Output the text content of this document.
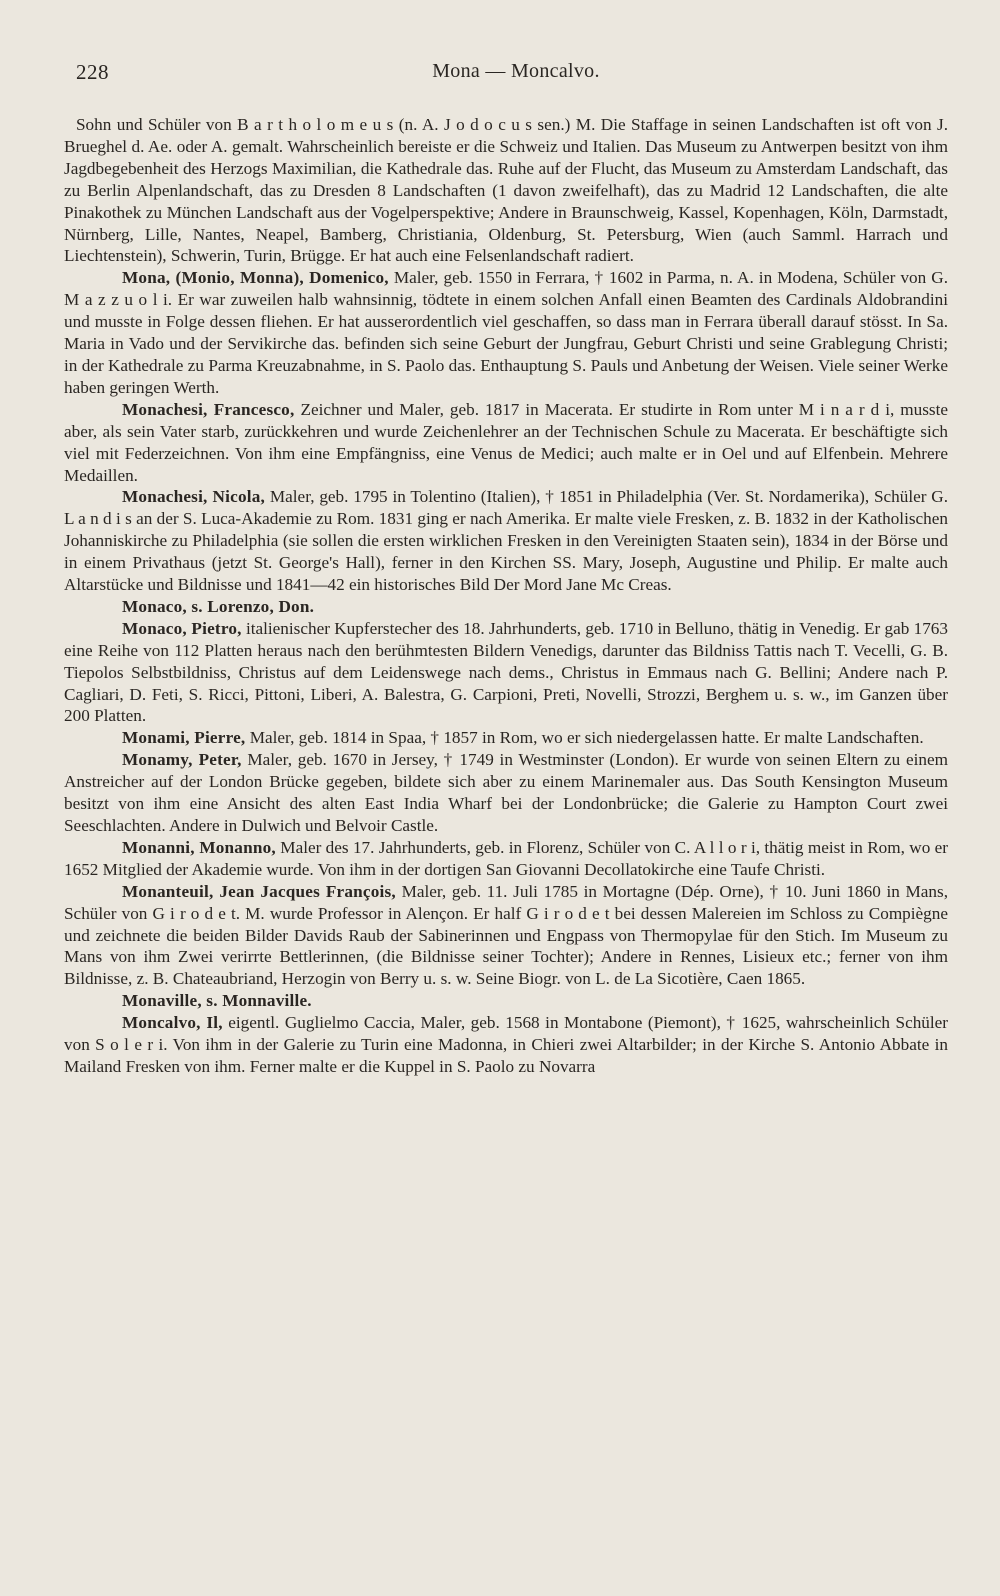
228	Mona — Moncalvo.

Sohn und Schüler von B a r t h o l o m e u s (n. A. J o d o c u s sen.) M. Die Staffage in seinen Landschaften ist oft von J. Brueghel d. Ae. oder A. gemalt. Wahrscheinlich bereiste er die Schweiz und Italien. Das Museum zu Antwerpen besitzt von ihm Jagdbegebenheit des Herzogs Maximilian, die Kathedrale das. Ruhe auf der Flucht, das Museum zu Amsterdam Landschaft, das zu Berlin Alpenlandschaft, das zu Dresden 8 Landschaften (1 davon zweifelhaft), das zu Madrid 12 Landschaften, die alte Pinakothek zu München Landschaft aus der Vogelperspektive; Andere in Braunschweig, Kassel, Kopenhagen, Köln, Darmstadt, Nürnberg, Lille, Nantes, Neapel, Bamberg, Christiania, Oldenburg, St. Petersburg, Wien (auch Samml. Harrach und Liechtenstein), Schwerin, Turin, Brügge. Er hat auch eine Felsenlandschaft radiert.

Mona, (Monio, Monna), Domenico, Maler, geb. 1550 in Ferrara, † 1602 in Parma, n. A. in Modena, Schüler von G. M a z z u o l i. Er war zuweilen halb wahnsinnig, tödtete in einem solchen Anfall einen Beamten des Cardinals Aldobrandini und musste in Folge dessen fliehen. Er hat ausserordentlich viel geschaffen, so dass man in Ferrara überall darauf stösst. In Sa. Maria in Vado und der Servikirche das. befinden sich seine Geburt der Jungfrau, Geburt Christi und seine Grablegung Christi; in der Kathedrale zu Parma Kreuzabnahme, in S. Paolo das. Enthauptung S. Pauls und Anbetung der Weisen. Viele seiner Werke haben geringen Werth.

Monachesi, Francesco, Zeichner und Maler, geb. 1817 in Macerata. Er studirte in Rom unter M i n a r d i, musste aber, als sein Vater starb, zurückkehren und wurde Zeichenlehrer an der Technischen Schule zu Macerata. Er beschäftigte sich viel mit Federzeichnen. Von ihm eine Empfängniss, eine Venus de Medici; auch malte er in Oel und auf Elfenbein. Mehrere Medaillen.

Monachesi, Nicola, Maler, geb. 1795 in Tolentino (Italien), † 1851 in Philadelphia (Ver. St. Nordamerika), Schüler G. L a n d i s an der S. Luca-Akademie zu Rom. 1831 ging er nach Amerika. Er malte viele Fresken, z. B. 1832 in der Katholischen Johanniskirche zu Philadelphia (sie sollen die ersten wirklichen Fresken in den Vereinigten Staaten sein), 1834 in der Börse und in einem Privathaus (jetzt St. George's Hall), ferner in den Kirchen SS. Mary, Joseph, Augustine und Philip. Er malte auch Altarstücke und Bildnisse und 1841—42 ein historisches Bild Der Mord Jane Mc Creas.

Monaco, s. Lorenzo, Don.

Monaco, Pietro, italienischer Kupferstecher des 18. Jahrhunderts, geb. 1710 in Belluno, thätig in Venedig. Er gab 1763 eine Reihe von 112 Platten heraus nach den berühmtesten Bildern Venedigs, darunter das Bildniss Tattis nach T. Vecelli, G. B. Tiepolos Selbstbildniss, Christus auf dem Leidenswege nach dems., Christus in Emmaus nach G. Bellini; Andere nach P. Cagliari, D. Feti, S. Ricci, Pittoni, Liberi, A. Balestra, G. Carpioni, Preti, Novelli, Strozzi, Berghem u. s. w., im Ganzen über 200 Platten.

Monami, Pierre, Maler, geb. 1814 in Spaa, † 1857 in Rom, wo er sich niedergelassen hatte. Er malte Landschaften.

Monamy, Peter, Maler, geb. 1670 in Jersey, † 1749 in Westminster (London). Er wurde von seinen Eltern zu einem Anstreicher auf der London Brücke gegeben, bildete sich aber zu einem Marinemaler aus. Das South Kensington Museum besitzt von ihm eine Ansicht des alten East India Wharf bei der Londonbrücke; die Galerie zu Hampton Court zwei Seeschlachten. Andere in Dulwich und Belvoir Castle.

Monanni, Monanno, Maler des 17. Jahrhunderts, geb. in Florenz, Schüler von C. A l l o r i, thätig meist in Rom, wo er 1652 Mitglied der Akademie wurde. Von ihm in der dortigen San Giovanni Decollatokirche eine Taufe Christi.

Monanteuil, Jean Jacques François, Maler, geb. 11. Juli 1785 in Mortagne (Dép. Orne), † 10. Juni 1860 in Mans, Schüler von G i r o d e t. M. wurde Professor in Alençon. Er half G i r o d e t bei dessen Malereien im Schloss zu Compiègne und zeichnete die beiden Bilder Davids Raub der Sabinerinnen und Engpass von Thermopylae für den Stich. Im Museum zu Mans von ihm Zwei verirrte Bettlerinnen, (die Bildnisse seiner Tochter); Andere in Rennes, Lisieux etc.; ferner von ihm Bildnisse, z. B. Chateaubriand, Herzogin von Berry u. s. w. Seine Biogr. von L. de La Sicotière, Caen 1865.

Monaville, s. Monnaville.

Moncalvo, Il, eigentl. Guglielmo Caccia, Maler, geb. 1568 in Montabone (Piemont), † 1625, wahrscheinlich Schüler von S o l e r i. Von ihm in der Galerie zu Turin eine Madonna, in Chieri zwei Altarbilder; in der Kirche S. Antonio Abbate in Mailand Fresken von ihm. Ferner malte er die Kuppel in S. Paolo zu Novarra
